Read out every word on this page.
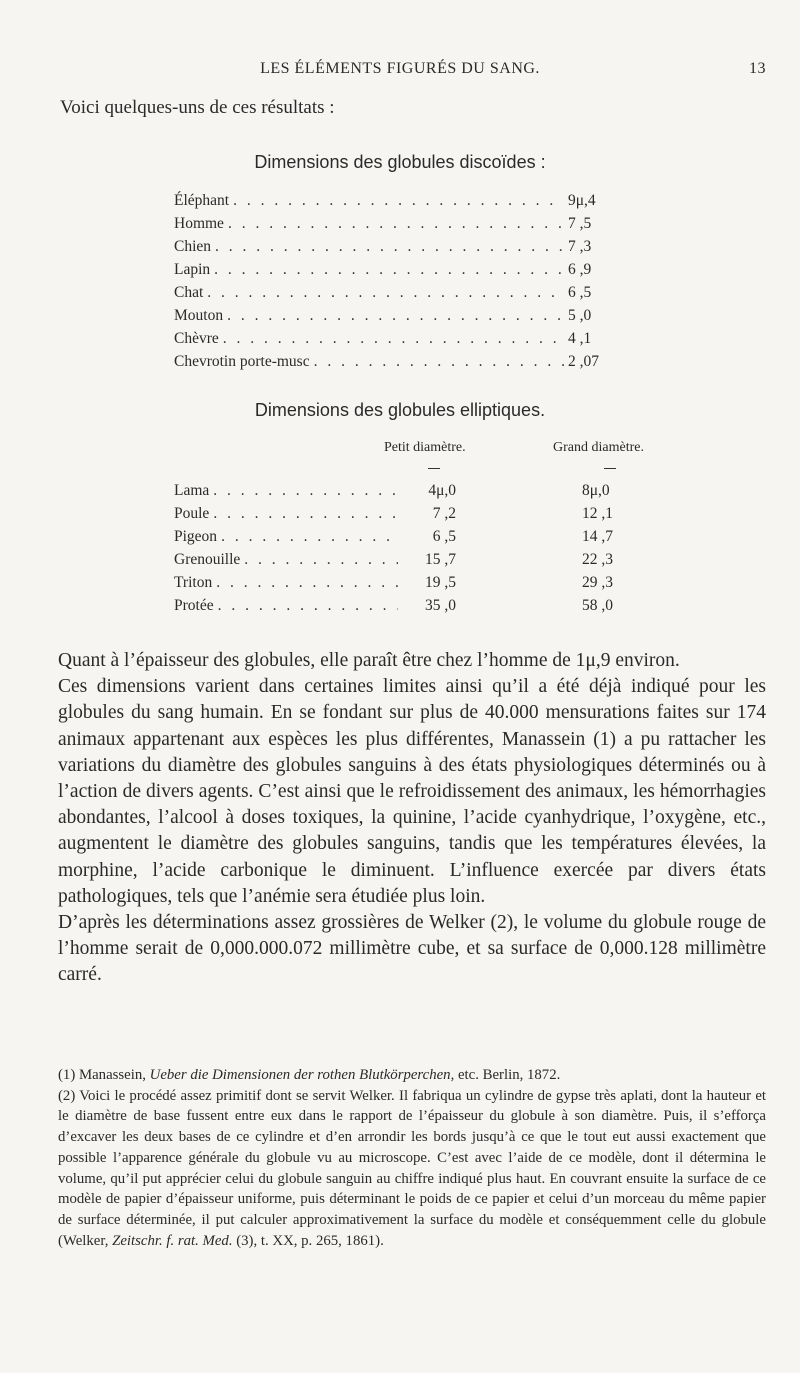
LES ÉLÉMENTS FIGURÉS DU SANG.	13
Voici quelques-uns de ces résultats :
Dimensions des globules discoïdes :
Éléphant . . .	9μ,4
Homme . . .	7 ,5
Chien . . .	7 ,3
Lapin . . .	6 ,9
Chat . . .	6 ,5
Mouton . . .	5 ,0
Chèvre . . .	4 ,1
Chevrotin porte-musc . . .	2 ,07
Dimensions des globules elliptiques.
Petit diamètre.	Grand diamètre.
Lama . . .	4μ,0	8μ,0
Poule . . .	7 ,2	12 ,1
Pigeon . . .	6 ,5	14 ,7
Grenouille . . .	15 ,7	22 ,3
Triton . . .	19 ,5	29 ,3
Protée . . .	35 ,0	58 ,0

Quant à l’épaisseur des globules, elle paraît être chez l’homme de 1μ,9 environ.

Ces dimensions varient dans certaines limites ainsi qu’il a été déjà indiqué pour les globules du sang humain. En se fondant sur plus de 40.000 mensurations faites sur 174 animaux appartenant aux espèces les plus différentes, Manassein (1) a pu rattacher les variations du diamètre des globules sanguins à des états physiologiques déterminés ou à l’action de divers agents. C’est ainsi que le refroidissement des animaux, les hémorrhagies abondantes, l’alcool à doses toxiques, la quinine, l’acide cyanhydrique, l’oxygène, etc., augmentent le diamètre des globules sanguins, tandis que les températures élevées, la morphine, l’acide carbonique le diminuent. L’influence exercée par divers états pathologiques, tels que l’anémie sera étudiée plus loin.

D’après les déterminations assez grossières de Welker (2), le volume du globule rouge de l’homme serait de 0,000.000.072 millimètre cube, et sa surface de 0,000.128 millimètre carré.

(1) Manassein, Ueber die Dimensionen der rothen Blutkörperchen, etc. Berlin, 1872.

(2) Voici le procédé assez primitif dont se servit Welker. Il fabriqua un cylindre de gypse très aplati, dont la hauteur et le diamètre de base fussent entre eux dans le rapport de l’épaisseur du globule à son diamètre. Puis, il s’efforça d’excaver les deux bases de ce cylindre et d’en arrondir les bords jusqu’à ce que le tout eut aussi exactement que possible l’apparence générale du globule vu au microscope. C’est avec l’aide de ce modèle, dont il détermina le volume, qu’il put apprécier celui du globule sanguin au chiffre indiqué plus haut. En couvrant ensuite la surface de ce modèle de papier d’épaisseur uniforme, puis déterminant le poids de ce papier et celui d’un morceau du même papier de surface déterminée, il put calculer approximativement la surface du modèle et conséquemment celle du globule (Welker, Zeitschr. f. rat. Med. (3), t. XX, p. 265, 1861).
